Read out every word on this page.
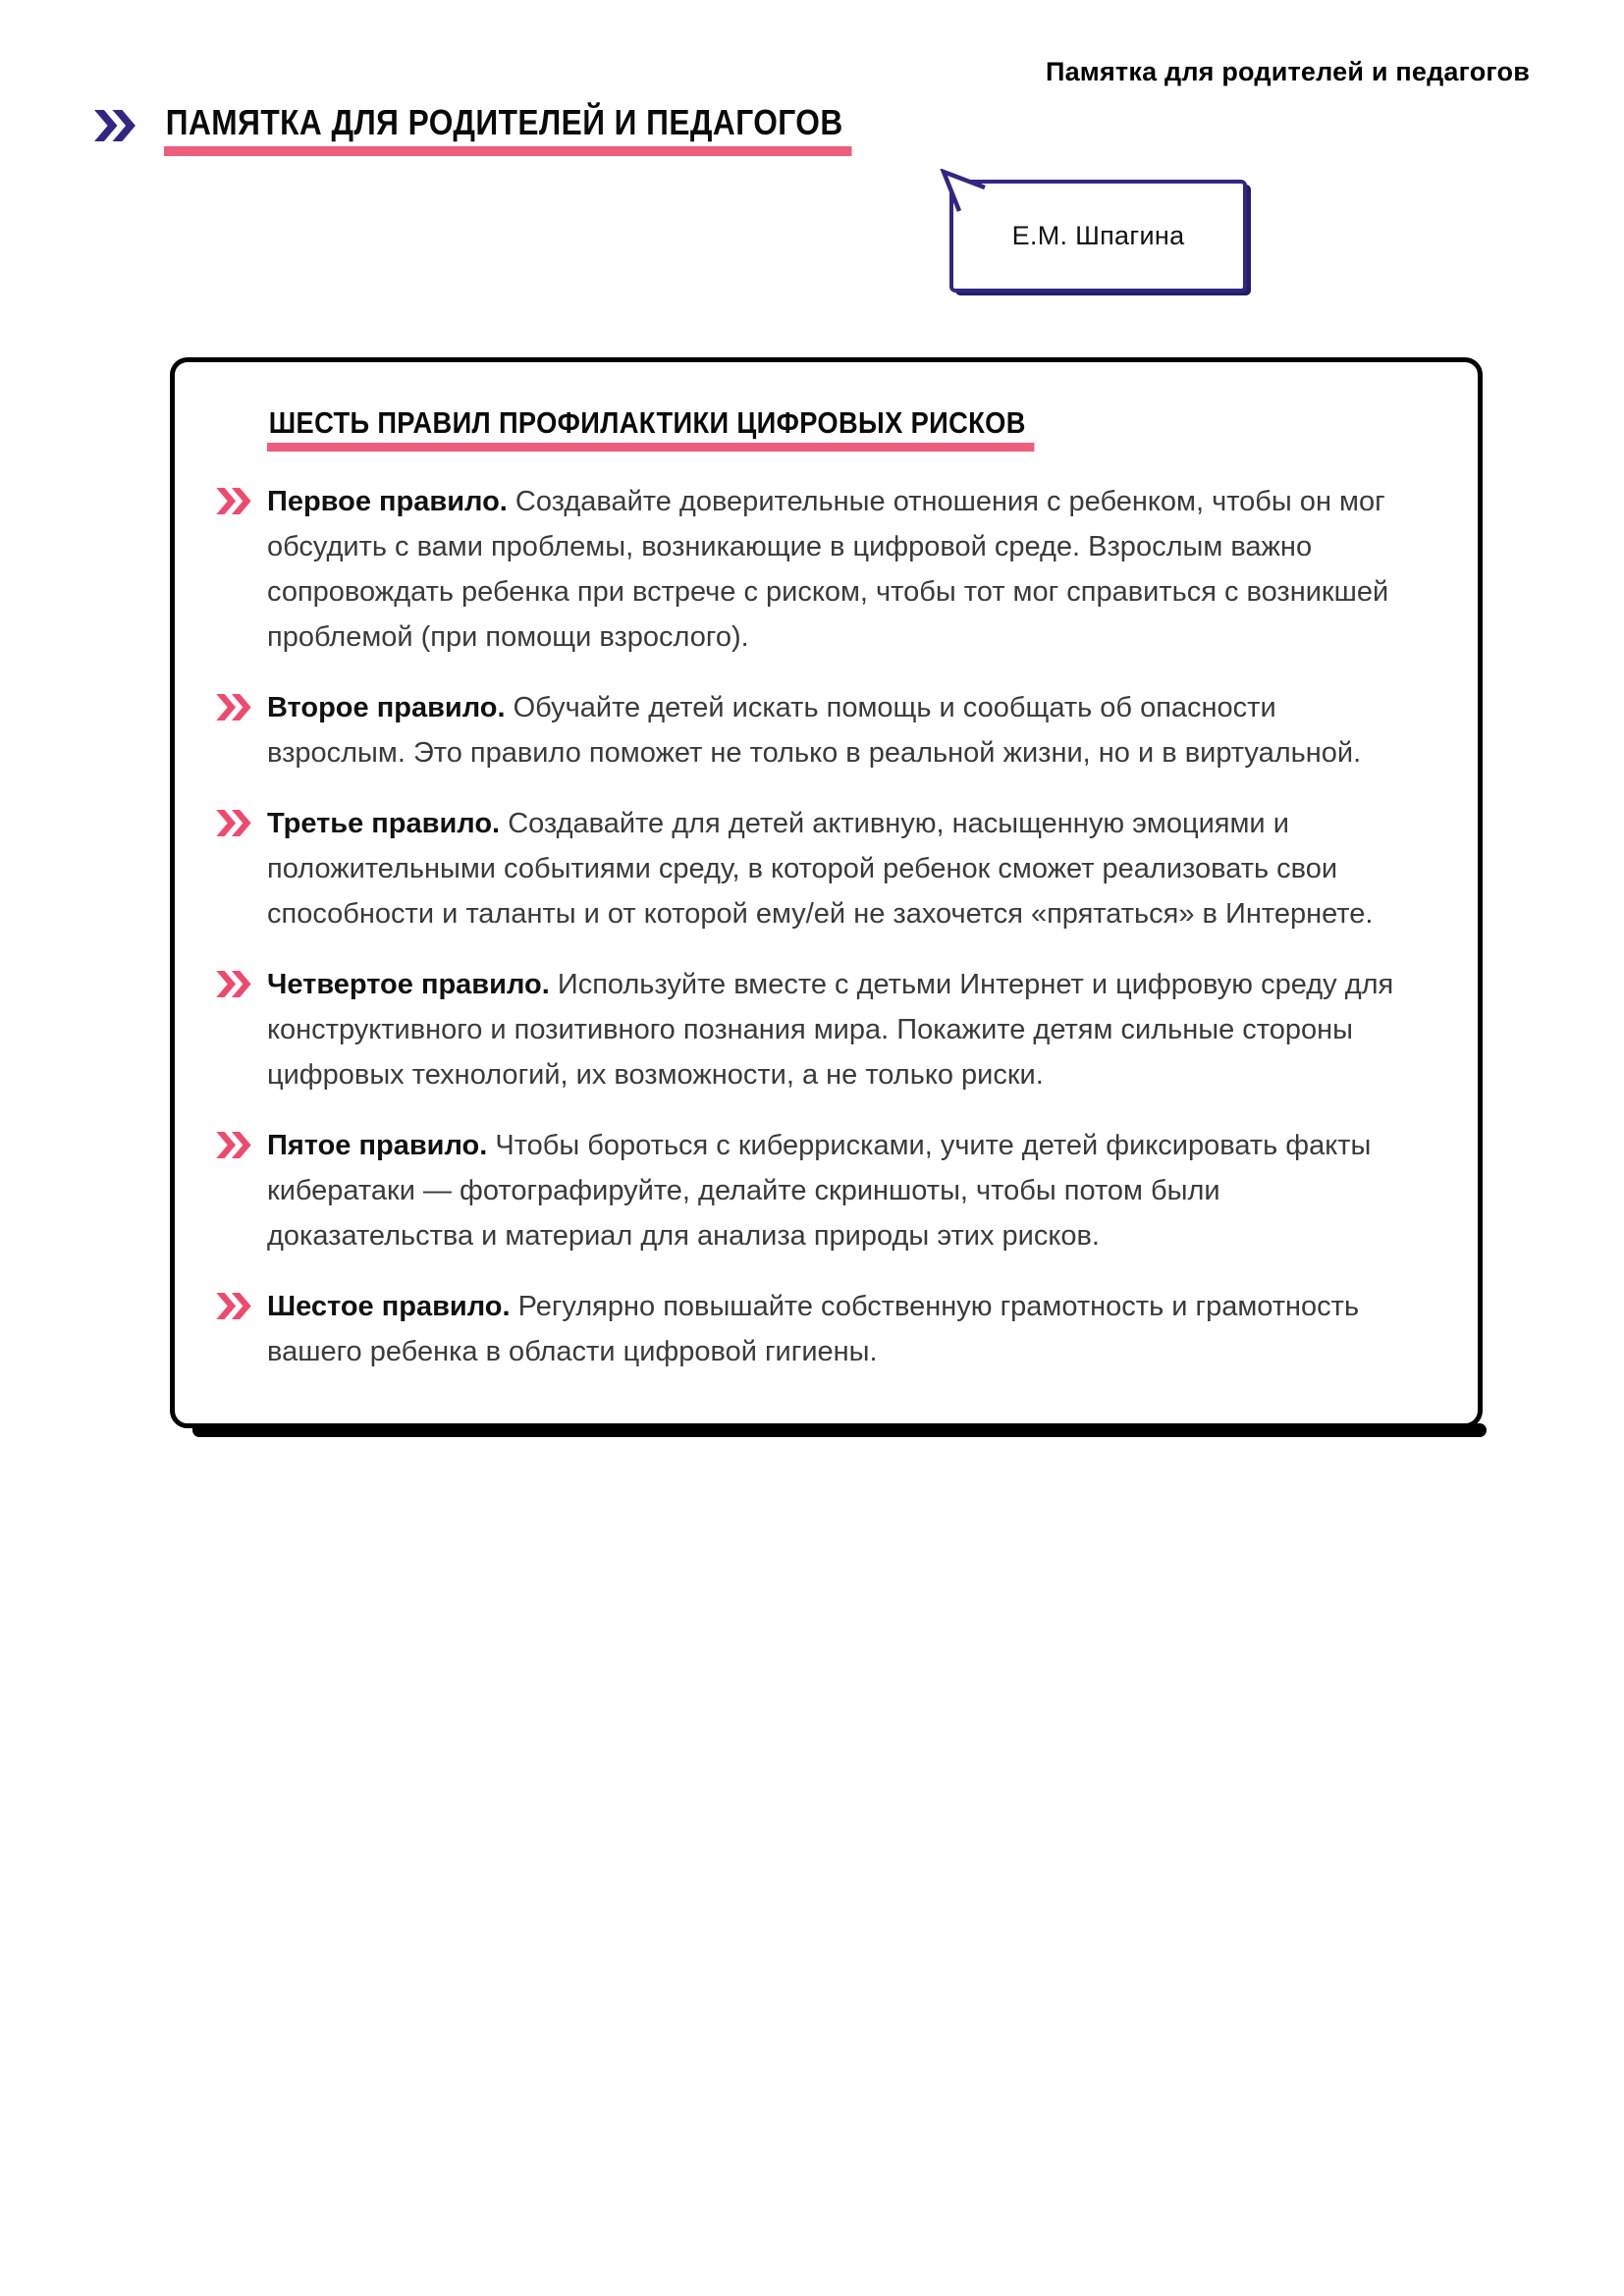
Памятка для родителей и педагогов
ПАМЯТКА ДЛЯ РОДИТЕЛЕЙ И ПЕДАГОГОВ
Е.М. Шпагина
ШЕСТЬ ПРАВИЛ ПРОФИЛАКТИКИ ЦИФРОВЫХ РИСКОВ

Первое правило. Создавайте доверительные отношения с ребенком, чтобы он мог обсудить с вами проблемы, возникающие в цифровой среде. Взрослым важно сопровождать ребенка при встрече с риском, чтобы тот мог справиться с возникшей проблемой (при помощи взрослого).

Второе правило. Обучайте детей искать помощь и сообщать об опасности взрослым. Это правило поможет не только в реальной жизни, но и в виртуальной.

Третье правило. Создавайте для детей активную, насыщенную эмоциями и положительными событиями среду, в которой ребенок сможет реализовать свои способности и таланты и от которой ему/ей не захочется «прятаться» в Интернете.

Четвертое правило. Используйте вместе с детьми Интернет и цифровую среду для конструктивного и позитивного познания мира. Покажите детям сильные стороны цифровых технологий, их возможности, а не только риски.

Пятое правило. Чтобы бороться с киберрисками, учите детей фиксировать факты кибератаки — фотографируйте, делайте скриншоты, чтобы потом были доказательства и материал для анализа природы этих рисков.

Шестое правило. Регулярно повышайте собственную грамотность и грамотность вашего ребенка в области цифровой гигиены.
